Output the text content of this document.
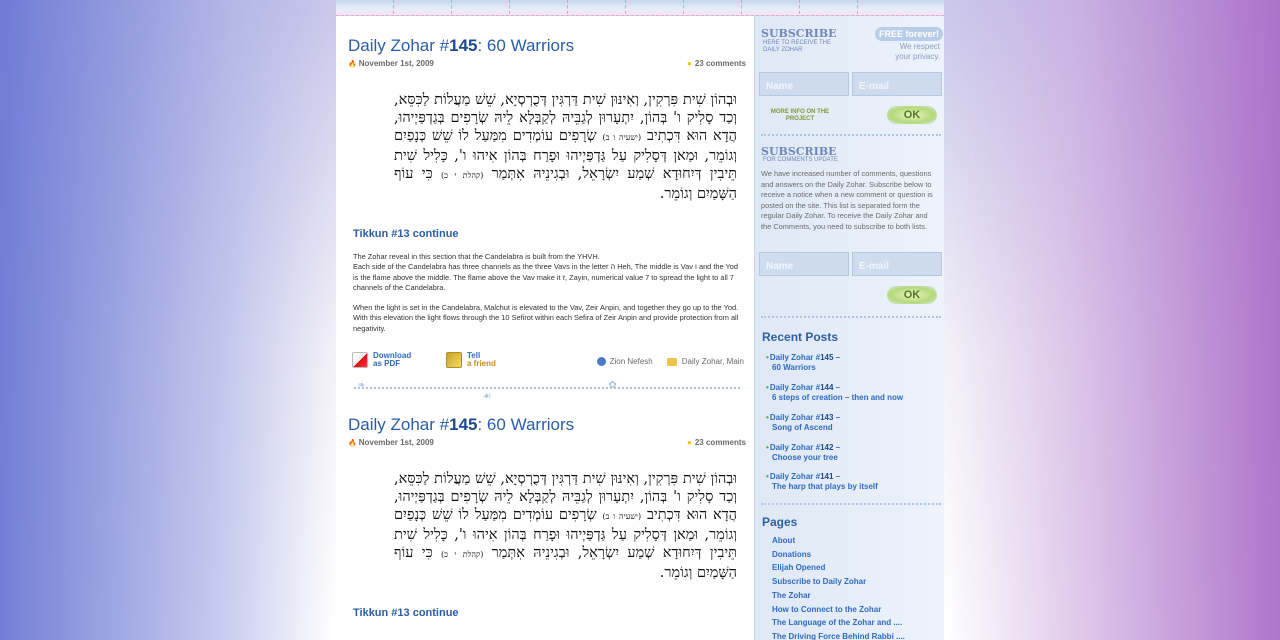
Daily Zohar #145: 60 Warriors
🔥 November 1st, 2009	● 23 comments
וּבְהוֹן שִׁית פִּרְקִין, וְאִינּוּן שִׁית דַּרְגִּין דְּכֻרְסְיָא, שֵׁשׁ מַעֲלוֹת לַכִּסֵּא, וְכַד סָלִיק ו' בְּהוֹן, יִתְעָרוּן לְגַבֵּיהּ לְקַבְּלָא לֵיהּ שְׂרָפִים בְּגַדְפַּיְיהוּ, הֲדָא הוּא דִּכְתִיב (ישעיה ו ב) שְׂרָפִים עוֹמְדִים מִמַּעַל לוֹ שֵׁשׁ כְּנָפַיִם וְגוֹמֵר, וּמַאן דְּסָלִיק עַל גַּדְפַּיְיהוּ וּפָרַח בְּהוֹן אִיהוּ ו', כָּלִיל שִׁית תֵּיבִין דְּיִחוּדָא שְׁמַע יִשְׂרָאֵל, וּבְגִינֵיהּ אִתְּמַר (קהלת י כ) כִּי עוֹף הַשָּׁמַיִם וְגוֹמֵר.
Tikkun #13 continue

The Zohar reveal in this section that the Candelabra is built from the YHVH.
Each side of the Candelabra has three channels as the three Vavs in the letter ה Heh, The middle is Vav ו and the Yod is the flame above the middle. The flame above the Vav make it ז, Zayin, numerical value 7 to spread the light to all 7 channels of the Candelabra.

When the light is set in the Candelabra, Malchut is elevated to the Vav, Zeir Anpin, and together they go up to the Yod. With this elevation the light flows through the 10 Sefirot within each Sefira of Zeir Anpin and provide protection from all negativity.

Download
as PDF
Tell
a friend	Zion Nefesh	Daily Zohar, Main
❧ ✿ ☙
Daily Zohar #145: 60 Warriors
🔥 November 1st, 2009	● 23 comments
וּבְהוֹן שִׁית פִּרְקִין, וְאִינּוּן שִׁית דַּרְגִּין דְּכֻרְסְיָא, שֵׁשׁ מַעֲלוֹת לַכִּסֵּא, וְכַד סָלִיק ו' בְּהוֹן, יִתְעָרוּן לְגַבֵּיהּ לְקַבְּלָא לֵיהּ שְׂרָפִים בְּגַדְפַּיְיהוּ, הֲדָא הוּא דִּכְתִיב (ישעיה ו ב) שְׂרָפִים עוֹמְדִים מִמַּעַל לוֹ שֵׁשׁ כְּנָפַיִם וְגוֹמֵר, וּמַאן דְּסָלִיק עַל גַּדְפַּיְיהוּ וּפָרַח בְּהוֹן אִיהוּ ו', כָּלִיל שִׁית תֵּיבִין דְּיִחוּדָא שְׁמַע יִשְׂרָאֵל, וּבְגִינֵיהּ אִתְּמַר (קהלת י כ) כִּי עוֹף הַשָּׁמַיִם וְגוֹמֵר.
Tikkun #13 continue
SUBSCRIBE
HERE TO RECEIVE THE DAILY ZOHAR
FREE forever!
We respect your privacy.
Name	E-mail
MORE INFO ON THE PROJECT	OK
SUBSCRIBE
FOR COMMENTS UPDATE
We have increased number of comments, questions and answers on the Daily Zohar. Subscribe below to receive a notice when a new comment or question is posted on the site. This list is separated form the regular Daily Zohar. To receive the Daily Zohar and the Comments, you need to subscribe to both lists.
Name	E-mail
OK
Recent Posts
• Daily Zohar #145 –
60 Warriors
• Daily Zohar #144 –
6 steps of creation – then and now
• Daily Zohar #143 –
Song of Ascend
• Daily Zohar #142 –
Choose your tree
• Daily Zohar #141 –
The harp that plays by itself
Pages
About
Donations
Elijah Opened
Subscribe to Daily Zohar
The Zohar
How to Connect to the Zohar
The Language of the Zohar and ....
The Driving Force Behind Rabbi ....
